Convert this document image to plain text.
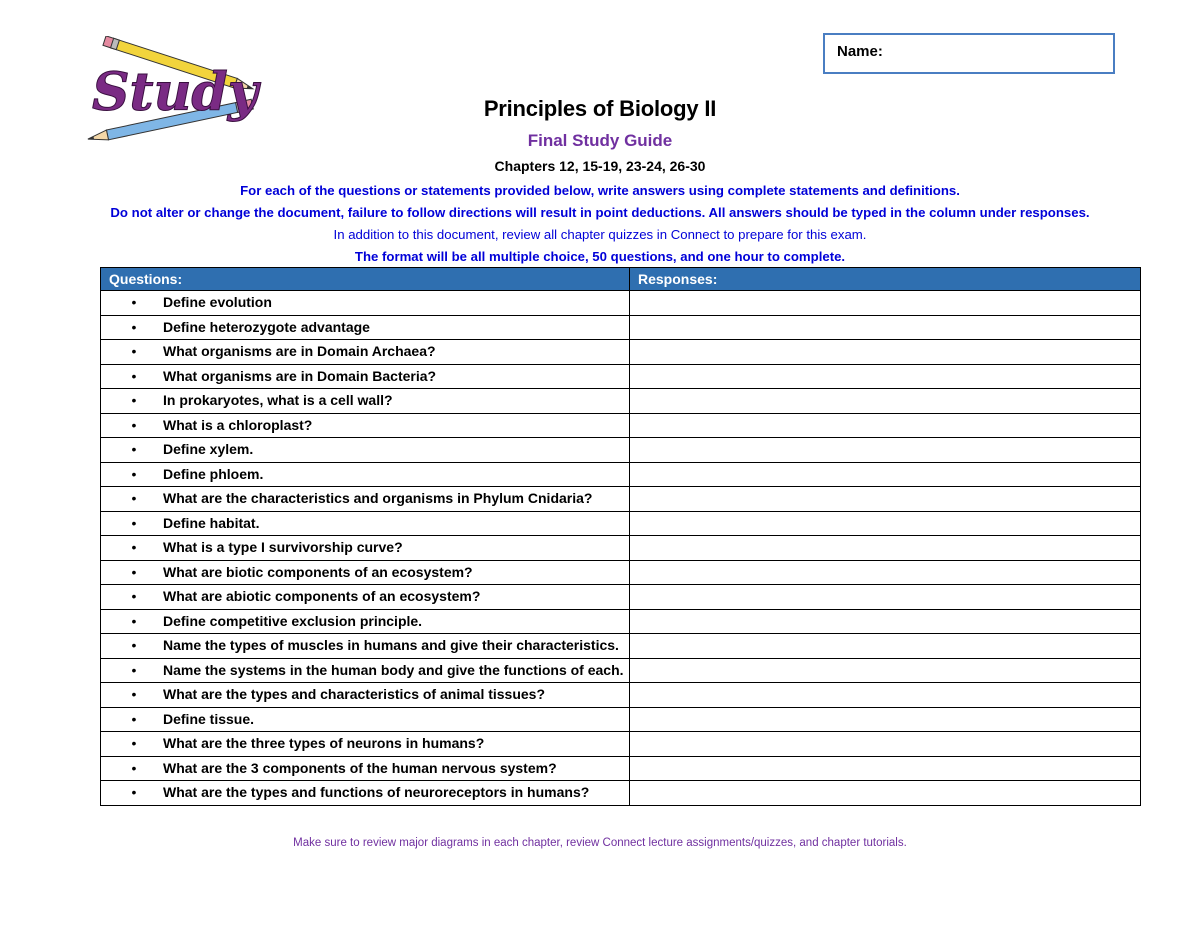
Study
Name:
Principles of Biology II
Final Study Guide
Chapters 12, 15-19, 23-24, 26-30
For each of the questions or statements provided below, write answers using complete statements and definitions.
Do not alter or change the document, failure to follow directions will result in point deductions. All answers should be typed in the column under responses. In addition to this document, review all chapter quizzes in Connect to prepare for this exam.
The format will be all multiple choice, 50 questions, and one hour to complete.
Questions:	Responses:

• Define evolution	

• Define heterozygote advantage	

• What organisms are in Domain Archaea?	

• What organisms are in Domain Bacteria?	

• In prokaryotes, what is a cell wall?	

• What is a chloroplast?	

• Define xylem.	

• Define phloem.	

• What are the characteristics and organisms in Phylum Cnidaria?	

• Define habitat.	

• What is a type I survivorship curve?	

• What are biotic components of an ecosystem?	

• What are abiotic components of an ecosystem?	

• Define competitive exclusion principle.	

• Name the types of muscles in humans and give their characteristics.	

• Name the systems in the human body and give the functions of each.	

• What are the types and characteristics of animal tissues?	

• Define tissue.	

• What are the three types of neurons in humans?	

• What are the 3 components of the human nervous system?	

• What are the types and functions of neuroreceptors in humans?	

Make sure to review major diagrams in each chapter, review Connect lecture assignments/quizzes, and chapter tutorials.
